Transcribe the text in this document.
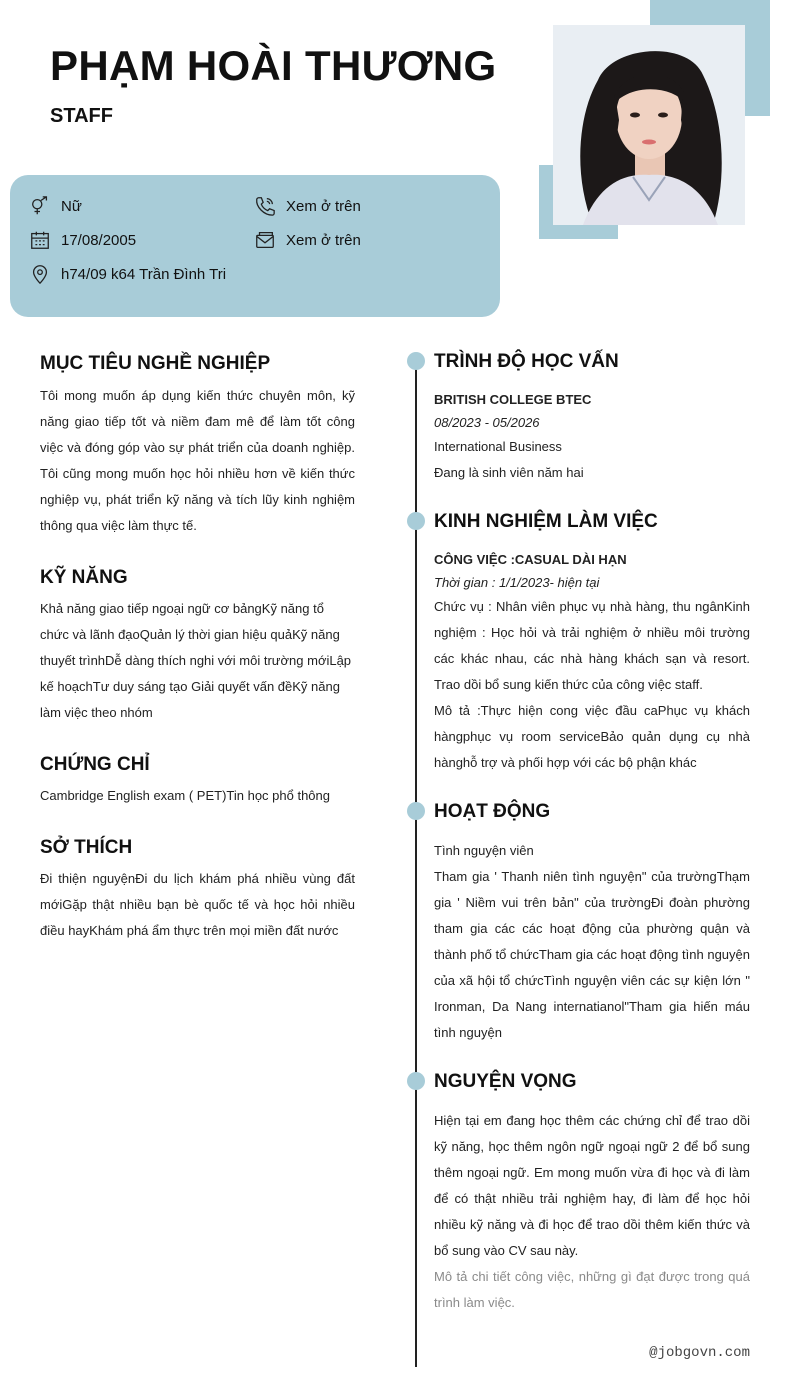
PHẠM HOÀI THƯƠNG
STAFF
Nữ	Xem ở trên
17/08/2005	Xem ở trên
h74/09 k64 Trần Đình Tri
MỤC TIÊU NGHỀ NGHIỆP
Tôi mong muốn áp dụng kiến thức chuyên môn, kỹ năng giao tiếp tốt và niềm đam mê để làm tốt công việc và đóng góp vào sự phát triển của doanh nghiệp. Tôi cũng mong muốn học hỏi nhiều hơn về kiến thức nghiệp vụ, phát triển kỹ năng và tích lũy kinh nghiệm thông qua việc làm thực tế.
KỸ NĂNG
Khả năng giao tiếp ngoại ngữ cơ bảngKỹ năng tổ chức và lãnh đạoQuản lý thời gian hiệu quảKỹ năng thuyết trìnhDễ dàng thích nghi với môi trường mớiLập kế hoạchTư duy sáng tạo Giải quyết vấn đềKỹ năng làm việc theo nhóm
CHỨNG CHỈ
Cambridge English exam ( PET)Tin học phổ thông
SỞ THÍCH
Đi thiện nguyệnĐi du lịch khám phá nhiều vùng đất mớiGặp thật nhiều bạn bè quốc tế và học hỏi nhiều điều hayKhám phá ẩm thực trên mọi miền đất nước
TRÌNH ĐỘ HỌC VẤN
BRITISH COLLEGE BTEC
08/2023 - 05/2026
International Business
Đang là sinh viên năm hai
KINH NGHIỆM LÀM VIỆC
CÔNG VIỆC :CASUAL DÀI HẠN
Thời gian : 1/1/2023- hiện tại
Chức vụ : Nhân viên phục vụ nhà hàng, thu ngânKinh nghiệm : Học hỏi và trải nghiệm ở nhiều môi trường các khác nhau, các nhà hàng khách sạn và resort. Trao dồi bổ sung kiến thức của công việc staff.
Mô tả :Thực hiện cong việc đầu caPhục vụ khách hàngphục vụ room serviceBảo quản dụng cụ nhà hànghỗ trợ và phối hợp với các bộ phận khác
HOẠT ĐỘNG
Tình nguyện viên
Tham gia ' Thanh niên tình nguyện" của trườngThạm gia ' Niềm vui trên bản" của trườngĐi đoàn phường tham gia các các hoạt động của phường quận và thành phố tổ chứcTham gia các hoạt động tình nguyện của xã hội tổ chứcTình nguyện viên các sự kiện lớn " Ironman, Da Nang internatianol"Tham gia hiến máu tình nguyện
NGUYỆN VỌNG
Hiện tại em đang học thêm các chứng chỉ để trao dồi kỹ năng, học thêm ngôn ngữ ngoại ngữ 2 để bổ sung thêm ngoại ngữ. Em mong muốn vừa đi học và đi làm để có thật nhiều trải nghiệm hay, đi làm để học hỏi nhiều kỹ năng và đi học để trao dồi thêm kiến thức và bổ sung vào CV sau này.
Mô tả chi tiết công việc, những gì đạt được trong quá trình làm việc.
@jobgovn.com
